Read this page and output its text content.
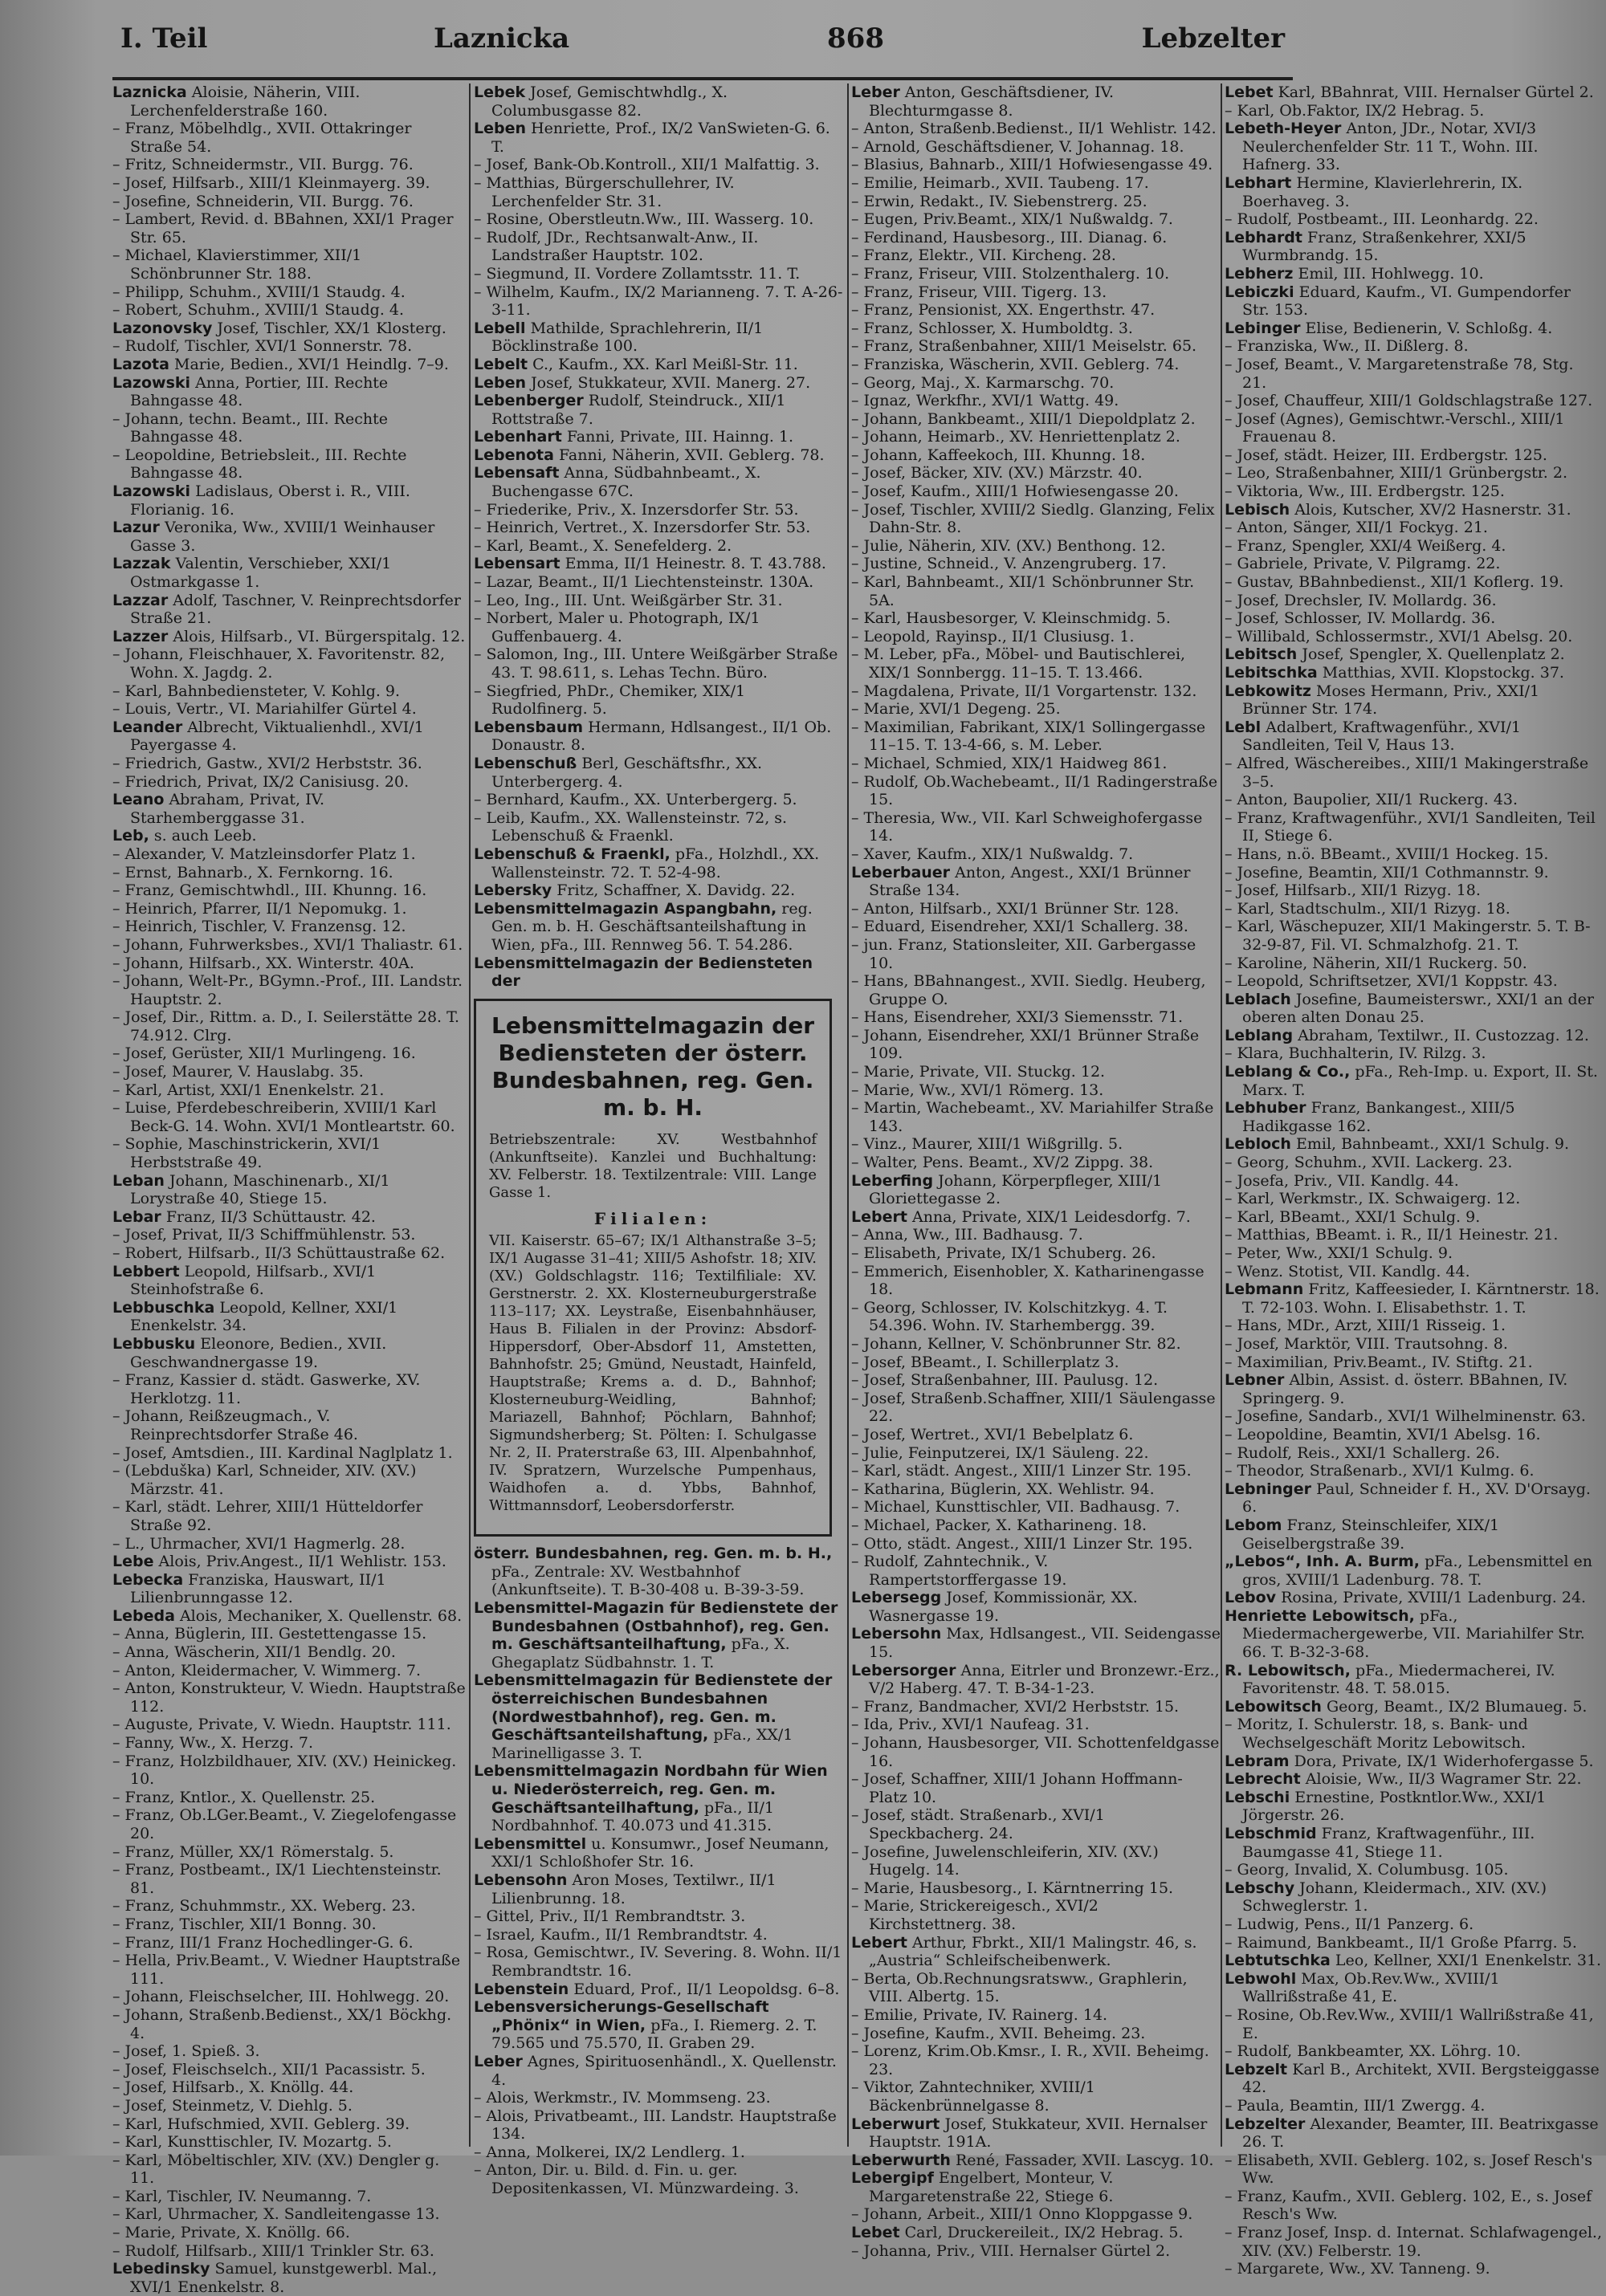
I. Teil	Laznicka	868	Lebzelter

Laznicka Aloisie, Näherin, VIII. Lerchenfelderstraße 160.

– Franz, Möbelhdlg., XVII. Ottakringer Straße 54.

– Fritz, Schneidermstr., VII. Burgg. 76.

– Josef, Hilfsarb., XIII/1 Kleinmayerg. 39.

– Josefine, Schneiderin, VII. Burgg. 76.

– Lambert, Revid. d. BBahnen, XXI/1 Prager Str. 65.

– Michael, Klavierstimmer, XII/1 Schönbrunner Str. 188.

– Philipp, Schuhm., XVIII/1 Staudg. 4.

– Robert, Schuhm., XVIII/1 Staudg. 4.

Lazonovsky Josef, Tischler, XX/1 Klosterg.

– Rudolf, Tischler, XVI/1 Sonnerstr. 78.

Lazota Marie, Bedien., XVI/1 Heindlg. 7–9.

Lazowski Anna, Portier, III. Rechte Bahngasse 48.

– Johann, techn. Beamt., III. Rechte Bahngasse 48.

– Leopoldine, Betriebsleit., III. Rechte Bahngasse 48.

Lazowski Ladislaus, Oberst i. R., VIII. Florianig. 16.

Lazur Veronika, Ww., XVIII/1 Weinhauser Gasse 3.

Lazzak Valentin, Verschieber, XXI/1 Ostmarkgasse 1.

Lazzar Adolf, Taschner, V. Reinprechtsdorfer Straße 21.

Lazzer Alois, Hilfsarb., VI. Bürgerspitalg. 12.

– Johann, Fleischhauer, X. Favoritenstr. 82, Wohn. X. Jagdg. 2.

– Karl, Bahnbediensteter, V. Kohlg. 9.

– Louis, Vertr., VI. Mariahilfer Gürtel 4.

Leander Albrecht, Viktualienhdl., XVI/1 Payergasse 4.

– Friedrich, Gastw., XVI/2 Herbststr. 36.

– Friedrich, Privat, IX/2 Canisiusg. 20.

Leano Abraham, Privat, IV. Starhemberggasse 31.

Leb, s. auch Leeb.

– Alexander, V. Matzleinsdorfer Platz 1.

– Ernst, Bahnarb., X. Fernkorng. 16.

– Franz, Gemischtwhdl., III. Khunng. 16.

– Heinrich, Pfarrer, II/1 Nepomukg. 1.

– Heinrich, Tischler, V. Franzensg. 12.

– Johann, Fuhrwerksbes., XVI/1 Thaliastr. 61.

– Johann, Hilfsarb., XX. Winterstr. 40A.

– Johann, Welt-Pr., BGymn.-Prof., III. Landstr. Hauptstr. 2.

– Josef, Dir., Rittm. a. D., I. Seilerstätte 28. T. 74.912. Clrg.

– Josef, Gerüster, XII/1 Murlingeng. 16.

– Josef, Maurer, V. Hauslabg. 35.

– Karl, Artist, XXI/1 Enenkelstr. 21.

– Luise, Pferdebeschreiberin, XVIII/1 Karl Beck-G. 14. Wohn. XVI/1 Montleartstr. 60.

– Sophie, Maschinstrickerin, XVI/1 Herbststraße 49.

Leban Johann, Maschinenarb., XI/1 Lorystraße 40, Stiege 15.

Lebar Franz, II/3 Schüttaustr. 42.

– Josef, Privat, II/3 Schiffmühlenstr. 53.

– Robert, Hilfsarb., II/3 Schüttaustraße 62.

Lebbert Leopold, Hilfsarb., XVI/1 Steinhofstraße 6.

Lebbuschka Leopold, Kellner, XXI/1 Enenkelstr. 34.

Lebbusku Eleonore, Bedien., XVII. Geschwandnergasse 19.

– Franz, Kassier d. städt. Gaswerke, XV. Herklotzg. 11.

– Johann, Reißzeugmach., V. Reinprechtsdorfer Straße 46.

– Josef, Amtsdien., III. Kardinal Naglplatz 1.

– (Lebduška) Karl, Schneider, XIV. (XV.) Märzstr. 41.

– Karl, städt. Lehrer, XIII/1 Hütteldorfer Straße 92.

– L., Uhrmacher, XVI/1 Hagmerlg. 28.

Lebe Alois, Priv.Angest., II/1 Wehlistr. 153.

Lebecka Franziska, Hauswart, II/1 Lilienbrunngasse 12.

Lebeda Alois, Mechaniker, X. Quellenstr. 68.

– Anna, Büglerin, III. Gestettengasse 15.

– Anna, Wäscherin, XII/1 Bendlg. 20.

– Anton, Kleidermacher, V. Wimmerg. 7.

– Anton, Konstrukteur, V. Wiedn. Hauptstraße 112.

– Auguste, Private, V. Wiedn. Hauptstr. 111.

– Fanny, Ww., X. Herzg. 7.

– Franz, Holzbildhauer, XIV. (XV.) Heinickeg. 10.

– Franz, Kntlor., X. Quellenstr. 25.

– Franz, Ob.LGer.Beamt., V. Ziegelofengasse 20.

– Franz, Müller, XX/1 Römerstalg. 5.

– Franz, Postbeamt., IX/1 Liechtensteinstr. 81.

– Franz, Schuhmmstr., XX. Weberg. 23.

– Franz, Tischler, XII/1 Bonng. 30.

– Franz, III/1 Franz Hochedlinger-G. 6.

– Hella, Priv.Beamt., V. Wiedner Hauptstraße 111.

– Johann, Fleischselcher, III. Hohlwegg. 20.

– Johann, Straßenb.Bedienst., XX/1 Böckhg. 4.

– Josef, 1. Spieß. 3.

– Josef, Fleischselch., XII/1 Pacassistr. 5.

– Josef, Hilfsarb., X. Knöllg. 44.

– Josef, Steinmetz, V. Diehlg. 5.

– Karl, Hufschmied, XVII. Geblerg. 39.

– Karl, Kunsttischler, IV. Mozartg. 5.

– Karl, Möbeltischler, XIV. (XV.) Dengler g. 11.

– Karl, Tischler, IV. Neumanng. 7.

– Karl, Uhrmacher, X. Sandleitengasse 13.

– Marie, Private, X. Knöllg. 66.

– Rudolf, Hilfsarb., XIII/1 Trinkler Str. 63.

Lebedinsky Samuel, kunstgewerbl. Mal., XVI/1 Enenkelstr. 8.

Lebek Josef, Gemischtwhdlg., X. Columbusgasse 82.

Leben Henriette, Prof., IX/2 VanSwieten-G. 6. T.

– Josef, Bank-Ob.Kontroll., XII/1 Malfattig. 3.

– Matthias, Bürgerschullehrer, IV. Lerchenfelder Str. 31.

– Rosine, Oberstleutn.Ww., III. Wasserg. 10.

– Rudolf, JDr., Rechtsanwalt-Anw., II. Landstraßer Hauptstr. 102.

– Siegmund, II. Vordere Zollamtsstr. 11. T.

– Wilhelm, Kaufm., IX/2 Marianneng. 7. T. A-26-3-11.

Lebell Mathilde, Sprachlehrerin, II/1 Böcklinstraße 100.

Lebelt C., Kaufm., XX. Karl Meißl-Str. 11.

Leben Josef, Stukkateur, XVII. Manerg. 27.

Lebenberger Rudolf, Steindruck., XII/1 Rottstraße 7.

Lebenhart Fanni, Private, III. Hainng. 1.

Lebenota Fanni, Näherin, XVII. Geblerg. 78.

Lebensaft Anna, Südbahnbeamt., X. Buchengasse 67C.

– Friederike, Priv., X. Inzersdorfer Str. 53.

– Heinrich, Vertret., X. Inzersdorfer Str. 53.

– Karl, Beamt., X. Senefelderg. 2.

Lebensart Emma, II/1 Heinestr. 8. T. 43.788.

– Lazar, Beamt., II/1 Liechtensteinstr. 130A.

– Leo, Ing., III. Unt. Weißgärber Str. 31.

– Norbert, Maler u. Photograph, IX/1 Guffenbauerg. 4.

– Salomon, Ing., III. Untere Weißgärber Straße 43. T. 98.611, s. Lehas Techn. Büro.

– Siegfried, PhDr., Chemiker, XIX/1 Rudolfinerg. 5.

Lebensbaum Hermann, Hdlsangest., II/1 Ob. Donaustr. 8.

Lebenschuß Berl, Geschäftsfhr., XX. Unterbergerg. 4.

– Bernhard, Kaufm., XX. Unterbergerg. 5.

– Leib, Kaufm., XX. Wallensteinstr. 72, s. Lebenschuß & Fraenkl.

Lebenschuß & Fraenkl, pFa., Holzhdl., XX. Wallensteinstr. 72. T. 52-4-98.

Lebersky Fritz, Schaffner, X. Davidg. 22.

Lebensmittelmagazin Aspangbahn, reg. Gen. m. b. H. Geschäftsanteilshaftung in Wien, pFa., III. Rennweg 56. T. 54.286.

Lebensmittelmagazin der Bediensteten der

Lebensmittelmagazin der Bediensteten der österr. Bundesbahnen, reg. Gen. m. b. H.
Betriebszentrale: XV. Westbahnhof (Ankunftseite). Kanzlei und Buchhaltung: XV. Felberstr. 18. Textilzentrale: VIII. Lange Gasse 1.
Filialen:
VII. Kaiserstr. 65–67; IX/1 Althanstraße 3–5; IX/1 Augasse 31–41; XIII/5 Ashofstr. 18; XIV. (XV.) Goldschlagstr. 116; Textilfiliale: XV. Gerstnerstr. 2. XX. Klosterneuburgerstraße 113–117; XX. Leystraße, Eisenbahnhäuser, Haus B. Filialen in der Provinz: Absdorf-Hippersdorf, Ober-Absdorf 11, Amstetten, Bahnhofstr. 25; Gmünd, Neustadt, Hainfeld, Hauptstraße; Krems a. d. D., Bahnhof; Klosterneuburg-Weidling, Bahnhof; Mariazell, Bahnhof; Pöchlarn, Bahnhof; Sigmundsherberg; St. Pölten: I. Schulgasse Nr. 2, II. Praterstraße 63, III. Alpenbahnhof, IV. Spratzern, Wurzelsche Pumpenhaus, Waidhofen a. d. Ybbs, Bahnhof, Wittmannsdorf, Leobersdorferstr.

österr. Bundesbahnen, reg. Gen. m. b. H., pFa., Zentrale: XV. Westbahnhof (Ankunftseite). T. B-30-408 u. B-39-3-59.

Lebensmittel-Magazin für Bedienstete der Bundesbahnen (Ostbahnhof), reg. Gen. m. Geschäftsanteilhaftung, pFa., X. Ghegaplatz Südbahnstr. 1. T.

Lebensmittelmagazin für Bedienstete der österreichischen Bundesbahnen (Nordwestbahnhof), reg. Gen. m. Geschäftsanteilshaftung, pFa., XX/1 Marinelligasse 3. T.

Lebensmittelmagazin Nordbahn für Wien u. Niederösterreich, reg. Gen. m. Geschäftsanteilhaftung, pFa., II/1 Nordbahnhof. T. 40.073 und 41.315.

Lebensmittel u. Konsumwr., Josef Neumann, XXI/1 Schloßhofer Str. 16.

Lebensohn Aron Moses, Textilwr., II/1 Lilienbrunng. 18.

– Gittel, Priv., II/1 Rembrandtstr. 3.

– Israel, Kaufm., II/1 Rembrandtstr. 4.

– Rosa, Gemischtwr., IV. Severing. 8. Wohn. II/1 Rembrandtstr. 16.

Lebenstein Eduard, Prof., II/1 Leopoldsg. 6–8.

Lebensversicherungs-Gesellschaft „Phönix“ in Wien, pFa., I. Riemerg. 2. T. 79.565 und 75.570, II. Graben 29.

Leber Agnes, Spirituosenhändl., X. Quellenstr. 4.

– Alois, Werkmstr., IV. Mommseng. 23.

– Alois, Privatbeamt., III. Landstr. Hauptstraße 134.

– Anna, Molkerei, IX/2 Lendlerg. 1.

– Anton, Dir. u. Bild. d. Fin. u. ger. Depositenkassen, VI. Münzwardeing. 3.

Leber Anton, Geschäftsdiener, IV. Blechturmgasse 8.

– Anton, Straßenb.Bedienst., II/1 Wehlistr. 142.

– Arnold, Geschäftsdiener, V. Johannag. 18.

– Blasius, Bahnarb., XIII/1 Hofwiesengasse 49.

– Emilie, Heimarb., XVII. Taubeng. 17.

– Erwin, Redakt., IV. Siebenstrerg. 25.

– Eugen, Priv.Beamt., XIX/1 Nußwaldg. 7.

– Ferdinand, Hausbesorg., III. Dianag. 6.

– Franz, Elektr., VII. Kircheng. 28.

– Franz, Friseur, VIII. Stolzenthalerg. 10.

– Franz, Friseur, VIII. Tigerg. 13.

– Franz, Pensionist, XX. Engerthstr. 47.

– Franz, Schlosser, X. Humboldtg. 3.

– Franz, Straßenbahner, XIII/1 Meiselstr. 65.

– Franziska, Wäscherin, XVII. Geblerg. 74.

– Georg, Maj., X. Karmarschg. 70.

– Ignaz, Werkfhr., XVI/1 Wattg. 49.

– Johann, Bankbeamt., XIII/1 Diepoldplatz 2.

– Johann, Heimarb., XV. Henriettenplatz 2.

– Johann, Kaffeekoch, III. Khunng. 18.

– Josef, Bäcker, XIV. (XV.) Märzstr. 40.

– Josef, Kaufm., XIII/1 Hofwiesengasse 20.

– Josef, Tischler, XVIII/2 Siedlg. Glanzing, Felix Dahn-Str. 8.

– Julie, Näherin, XIV. (XV.) Benthong. 12.

– Justine, Schneid., V. Anzengruberg. 17.

– Karl, Bahnbeamt., XII/1 Schönbrunner Str. 5A.

– Karl, Hausbesorger, V. Kleinschmidg. 5.

– Leopold, Rayinsp., II/1 Clusiusg. 1.

– M. Leber, pFa., Möbel- und Bautischlerei, XIX/1 Sonnbergg. 11–15. T. 13.466.

– Magdalena, Private, II/1 Vorgartenstr. 132.

– Marie, XVI/1 Degeng. 25.

– Maximilian, Fabrikant, XIX/1 Sollingergasse 11–15. T. 13-4-66, s. M. Leber.

– Michael, Schmied, XIX/1 Haidweg 861.

– Rudolf, Ob.Wachebeamt., II/1 Radingerstraße 15.

– Theresia, Ww., VII. Karl Schweighofergasse 14.

– Xaver, Kaufm., XIX/1 Nußwaldg. 7.

Leberbauer Anton, Angest., XXI/1 Brünner Straße 134.

– Anton, Hilfsarb., XXI/1 Brünner Str. 128.

– Eduard, Eisendreher, XXI/1 Schallerg. 38.

– jun. Franz, Stationsleiter, XII. Garbergasse 10.

– Hans, BBahnangest., XVII. Siedlg. Heuberg, Gruppe O.

– Hans, Eisendreher, XXI/3 Siemensstr. 71.

– Johann, Eisendreher, XXI/1 Brünner Straße 109.

– Marie, Private, VII. Stuckg. 12.

– Marie, Ww., XVI/1 Römerg. 13.

– Martin, Wachebeamt., XV. Mariahilfer Straße 143.

– Vinz., Maurer, XIII/1 Wißgrillg. 5.

– Walter, Pens. Beamt., XV/2 Zippg. 38.

Leberfing Johann, Körperpfleger, XIII/1 Gloriettegasse 2.

Lebert Anna, Private, XIX/1 Leidesdorfg. 7.

– Anna, Ww., III. Badhausg. 7.

– Elisabeth, Private, IX/1 Schuberg. 26.

– Emmerich, Eisenhobler, X. Katharinengasse 18.

– Georg, Schlosser, IV. Kolschitzkyg. 4. T. 54.396. Wohn. IV. Starhembergg. 39.

– Johann, Kellner, V. Schönbrunner Str. 82.

– Josef, BBeamt., I. Schillerplatz 3.

– Josef, Straßenbahner, III. Paulusg. 12.

– Josef, Straßenb.Schaffner, XIII/1 Säulengasse 22.

– Josef, Wertret., XVI/1 Bebelplatz 6.

– Julie, Feinputzerei, IX/1 Säuleng. 22.

– Karl, städt. Angest., XIII/1 Linzer Str. 195.

– Katharina, Büglerin, XX. Wehlistr. 94.

– Michael, Kunsttischler, VII. Badhausg. 7.

– Michael, Packer, X. Katharineng. 18.

– Otto, städt. Angest., XIII/1 Linzer Str. 195.

– Rudolf, Zahntechnik., V. Rampertstorffergasse 19.

Lebersegg Josef, Kommissionär, XX. Wasnergasse 19.

Lebersohn Max, Hdlsangest., VII. Seidengasse 15.

Lebersorger Anna, Eitrler und Bronzewr.-Erz., V/2 Haberg. 47. T. B-34-1-23.

– Franz, Bandmacher, XVI/2 Herbststr. 15.

– Ida, Priv., XVI/1 Naufeag. 31.

– Johann, Hausbesorger, VII. Schottenfeldgasse 16.

– Josef, Schaffner, XIII/1 Johann Hoffmann-Platz 10.

– Josef, städt. Straßenarb., XVI/1 Speckbacherg. 24.

– Josefine, Juwelenschleiferin, XIV. (XV.) Hugelg. 14.

– Marie, Hausbesorg., I. Kärntnerring 15.

– Marie, Strickereigesch., XVI/2 Kirchstettnerg. 38.

Lebert Arthur, Fbrkt., XII/1 Malingstr. 46, s. „Austria“ Schleifscheibenwerk.

– Berta, Ob.Rechnungsratsww., Graphlerin, VIII. Albertg. 15.

– Emilie, Private, IV. Rainerg. 14.

– Josefine, Kaufm., XVII. Beheimg. 23.

– Lorenz, Krim.Ob.Kmsr., I. R., XVII. Beheimg. 23.

– Viktor, Zahntechniker, XVIII/1 Bäckenbrünnelgasse 8.

Leberwurt Josef, Stukkateur, XVII. Hernalser Hauptstr. 191A.

Leberwurth René, Fassader, XVII. Lascyg. 10.

Lebergipf Engelbert, Monteur, V. Margaretenstraße 22, Stiege 6.

– Johann, Arbeit., XIII/1 Onno Kloppgasse 9.

Lebet Carl, Druckereileit., IX/2 Hebrag. 5.

– Johanna, Priv., VIII. Hernalser Gürtel 2.

Lebet Karl, BBahnrat, VIII. Hernalser Gürtel 2.

– Karl, Ob.Faktor, IX/2 Hebrag. 5.

Lebeth-Heyer Anton, JDr., Notar, XVI/3 Neulerchenfelder Str. 11 T., Wohn. III. Hafnerg. 33.

Lebhart Hermine, Klavierlehrerin, IX. Boerhaveg. 3.

– Rudolf, Postbeamt., III. Leonhardg. 22.

Lebhardt Franz, Straßenkehrer, XXI/5 Wurmbrandg. 15.

Lebherz Emil, III. Hohlwegg. 10.

Lebiczki Eduard, Kaufm., VI. Gumpendorfer Str. 153.

Lebinger Elise, Bedienerin, V. Schloßg. 4.

– Franziska, Ww., II. Dißlerg. 8.

– Josef, Beamt., V. Margaretenstraße 78, Stg. 21.

– Josef, Chauffeur, XIII/1 Goldschlagstraße 127.

– Josef (Agnes), Gemischtwr.-Verschl., XIII/1 Frauenau 8.

– Josef, städt. Heizer, III. Erdbergstr. 125.

– Leo, Straßenbahner, XIII/1 Grünbergstr. 2.

– Viktoria, Ww., III. Erdbergstr. 125.

Lebisch Alois, Kutscher, XV/2 Hasnerstr. 31.

– Anton, Sänger, XII/1 Fockyg. 21.

– Franz, Spengler, XXI/4 Weißerg. 4.

– Gabriele, Private, V. Pilgramg. 22.

– Gustav, BBahnbedienst., XII/1 Koflerg. 19.

– Josef, Drechsler, IV. Mollardg. 36.

– Josef, Schlosser, IV. Mollardg. 36.

– Willibald, Schlossermstr., XVI/1 Abelsg. 20.

Lebitsch Josef, Spengler, X. Quellenplatz 2.

Lebitschka Matthias, XVII. Klopstockg. 37.

Lebkowitz Moses Hermann, Priv., XXI/1 Brünner Str. 174.

Lebl Adalbert, Kraftwagenführ., XVI/1 Sandleiten, Teil V, Haus 13.

– Alfred, Wäschereibes., XIII/1 Makingerstraße 3–5.

– Anton, Baupolier, XII/1 Ruckerg. 43.

– Franz, Kraftwagenführ., XVI/1 Sandleiten, Teil II, Stiege 6.

– Hans, n.ö. BBeamt., XVIII/1 Hockeg. 15.

– Josefine, Beamtin, XII/1 Cothmannstr. 9.

– Josef, Hilfsarb., XII/1 Rizyg. 18.

– Karl, Stadtschulm., XII/1 Rizyg. 18.

– Karl, Wäschepuzer, XII/1 Makingerstr. 5. T. B-32-9-87, Fil. VI. Schmalzhofg. 21. T.

– Karoline, Näherin, XII/1 Ruckerg. 50.

– Leopold, Schriftsetzer, XVI/1 Koppstr. 43.

Leblach Josefine, Baumeisterswr., XXI/1 an der oberen alten Donau 25.

Leblang Abraham, Textilwr., II. Custozzag. 12.

– Klara, Buchhalterin, IV. Rilzg. 3.

Leblang & Co., pFa., Reh-Imp. u. Export, II. St. Marx. T.

Lebhuber Franz, Bankangest., XIII/5 Hadikgasse 162.

Lebloch Emil, Bahnbeamt., XXI/1 Schulg. 9.

– Georg, Schuhm., XVII. Lackerg. 23.

– Josefa, Priv., VII. Kandlg. 44.

– Karl, Werkmstr., IX. Schwaigerg. 12.

– Karl, BBeamt., XXI/1 Schulg. 9.

– Matthias, BBeamt. i. R., II/1 Heinestr. 21.

– Peter, Ww., XXI/1 Schulg. 9.

– Wenz. Stotist, VII. Kandlg. 44.

Lebmann Fritz, Kaffeesieder, I. Kärntnerstr. 18. T. 72-103. Wohn. I. Elisabethstr. 1. T.

– Hans, MDr., Arzt, XIII/1 Risseig. 1.

– Josef, Marktör, VIII. Trautsohng. 8.

– Maximilian, Priv.Beamt., IV. Stiftg. 21.

Lebner Albin, Assist. d. österr. BBahnen, IV. Springerg. 9.

– Josefine, Sandarb., XVI/1 Wilhelminenstr. 63.

– Leopoldine, Beamtin, XVI/1 Abelsg. 16.

– Rudolf, Reis., XXI/1 Schallerg. 26.

– Theodor, Straßenarb., XVI/1 Kulmg. 6.

Lebninger Paul, Schneider f. H., XV. D'Orsayg. 6.

Lebom Franz, Steinschleifer, XIX/1 Geiselbergstraße 39.

„Lebos“, Inh. A. Burm, pFa., Lebensmittel en gros, XVIII/1 Ladenburg. 78. T.

Lebov Rosina, Private, XVIII/1 Ladenburg. 24.

Henriette Lebowitsch, pFa., Miedermachergewerbe, VII. Mariahilfer Str. 66. T. B-32-3-68.

R. Lebowitsch, pFa., Miedermacherei, IV. Favoritenstr. 48. T. 58.015.

Lebowitsch Georg, Beamt., IX/2 Blumaueg. 5.

– Moritz, I. Schulerstr. 18, s. Bank- und Wechselgeschäft Moritz Lebowitsch.

Lebram Dora, Private, IX/1 Widerhofergasse 5.

Lebrecht Aloisie, Ww., II/3 Wagramer Str. 22.

Lebschi Ernestine, Postkntlor.Ww., XXI/1 Jörgerstr. 26.

Lebschmid Franz, Kraftwagenführ., III. Baumgasse 41, Stiege 11.

– Georg, Invalid, X. Columbusg. 105.

Lebschy Johann, Kleidermach., XIV. (XV.) Schweglerstr. 1.

– Ludwig, Pens., II/1 Panzerg. 6.

– Raimund, Bankbeamt., II/1 Große Pfarrg. 5.

Lebtutschka Leo, Kellner, XXI/1 Enenkelstr. 31.

Lebwohl Max, Ob.Rev.Ww., XVIII/1 Wallrißstraße 41, E.

– Rosine, Ob.Rev.Ww., XVIII/1 Wallrißstraße 41, E.

– Rudolf, Bankbeamter, XX. Löhrg. 10.

Lebzelt Karl B., Architekt, XVII. Bergsteiggasse 42.

– Paula, Beamtin, III/1 Zwergg. 4.

Lebzelter Alexander, Beamter, III. Beatrixgasse 26. T.

– Elisabeth, XVII. Geblerg. 102, s. Josef Resch's Ww.

– Franz, Kaufm., XVII. Geblerg. 102, E., s. Josef Resch's Ww.

– Franz Josef, Insp. d. Internat. Schlafwagengel., XIV. (XV.) Felberstr. 19.

– Margarete, Ww., XV. Tanneng. 9.
